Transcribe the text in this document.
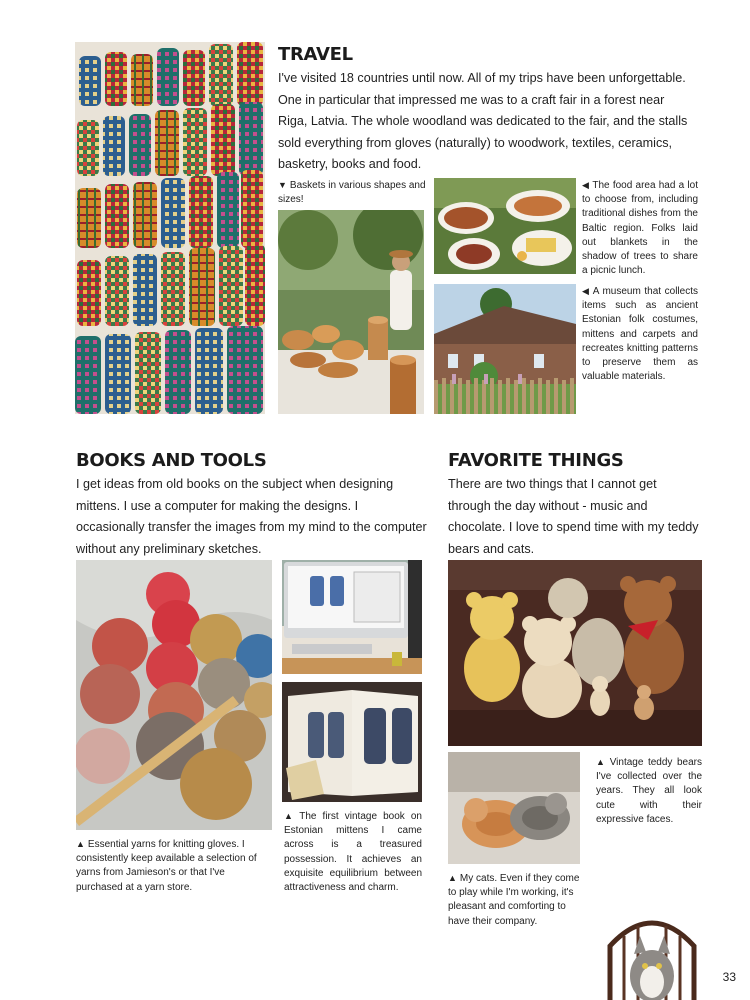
TRAVEL
I've visited 18 countries until now. All of my trips have been unforgettable. One in particular that impressed me was to a craft fair in a forest near Riga, Latvia. The whole woodland was dedicated to the fair, and the stalls sold everything from gloves (naturally) to woodwork, textiles, ceramics, basketry, books and food.
▼ Baskets in various shapes and sizes!
◀ The food area had a lot to choose from, including traditional dishes from the Baltic region. Folks laid out blankets in the shadow of trees to share a picnic lunch.
◀ A museum that collects items such as ancient Estonian folk costumes, mittens and carpets and recreates knitting patterns to preserve them as valuable materials.
BOOKS AND TOOLS
I get ideas from old books on the subject when designing mittens. I use a computer for making the designs. I occasionally transfer the images from my mind to the computer without any preliminary sketches.
▲ Essential yarns for knitting gloves. I consistently keep available a selection of yarns from Jamieson's or that I've purchased at a yarn store.
▲ The first vintage book on Estonian mittens I came across is a treasured possession. It achieves an exquisite equilibrium between attractiveness and charm.
FAVORITE THINGS
There are two things that I cannot get through the day without - music and chocolate. I love to spend time with my teddy bears and cats.
▲ Vintage teddy bears I've collected over the years. They all look cute with their expressive faces.
▲ My cats. Even if they come to play while I'm working, it's pleasant and comforting to have their company.
33
